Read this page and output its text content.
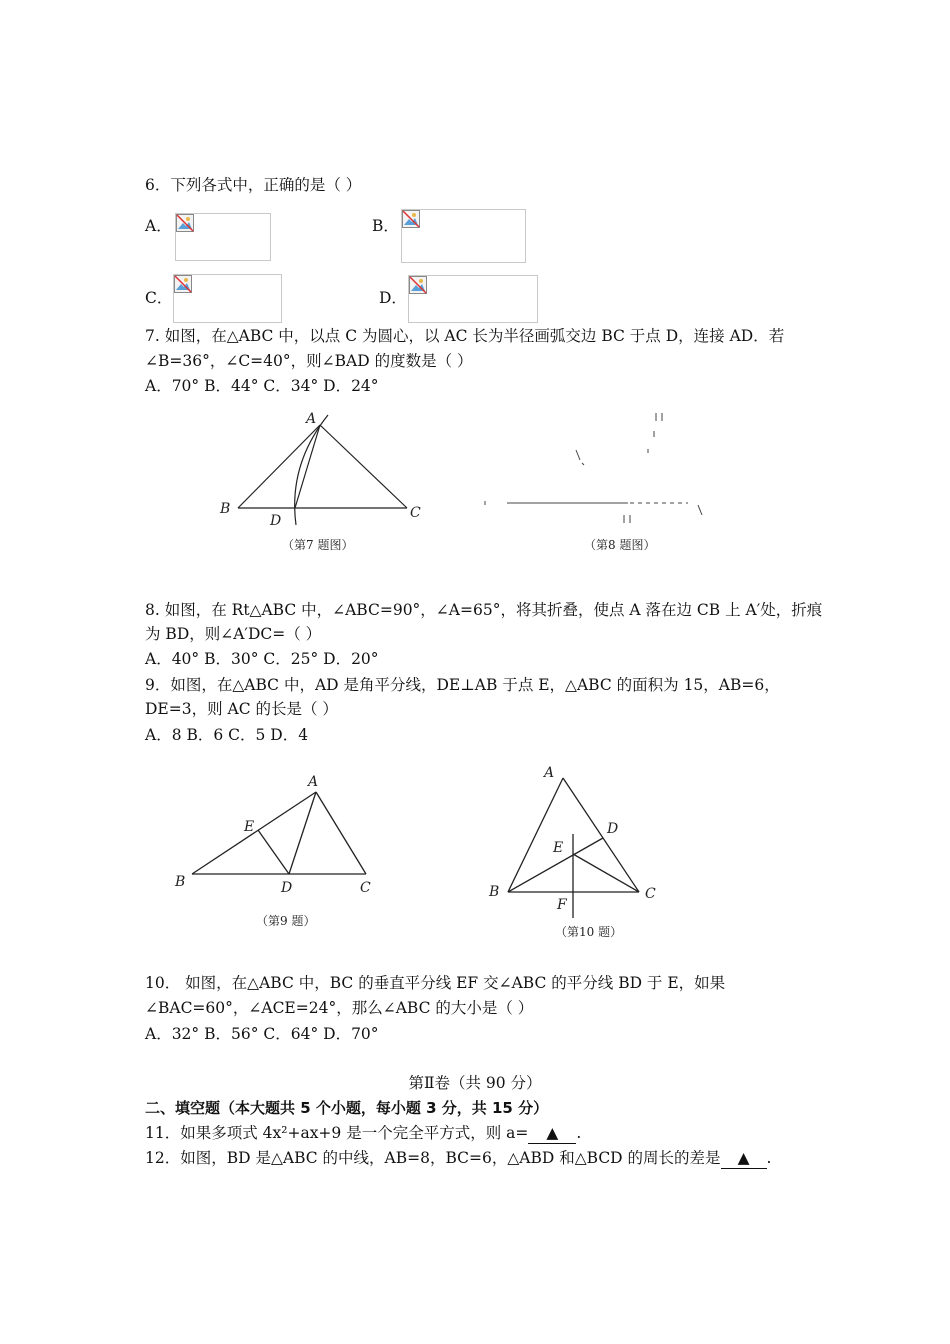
6．下列各式中，正确的是（ ）
A．	B．
C．	D．
7. 如图，在△ABC 中，以点 C 为圆心，以 AC 长为半径画弧交边 BC 于点 D，连接 AD．若
∠B=36°，∠C=40°，则∠BAD 的度数是（ ）
A．70° B．44° C．34° D．24°
A
B	C
D
（第7 题图）	（第8 题图）
8. 如图，在 Rt△ABC 中，∠ABC=90°，∠A=65°，将其折叠，使点 A 落在边 CB 上 A′处，折痕
为 BD，则∠A′DC=（ ）
A．40° B．30° C．25° D．20°
9．如图，在△ABC 中，AD 是角平分线，DE⊥AB 于点 E，△ABC 的面积为 15，AB=6，
DE=3，则 AC 的长是（ ）
A．8 B．6 C．5 D．4
A
B	C
D
E
（第9 题）
A
B	C
D
E
F
（第10 题）
10． 如图，在△ABC 中，BC 的垂直平分线 EF 交∠ABC 的平分线 BD 于 E，如果
∠BAC=60°，∠ACE=24°，那么∠ABC 的大小是（ ）
A．32° B．56° C．64° D．70°
第Ⅱ卷（共 90 分）
二、填空题（本大题共 5 个小题，每小题 3 分，共 15 分）
11．如果多项式 4x²+ax+9 是一个完全平方式，则 a= ▲ .
12．如图，BD 是△ABC 的中线，AB=8，BC=6，△ABD 和△BCD 的周长的差是 ▲ .
